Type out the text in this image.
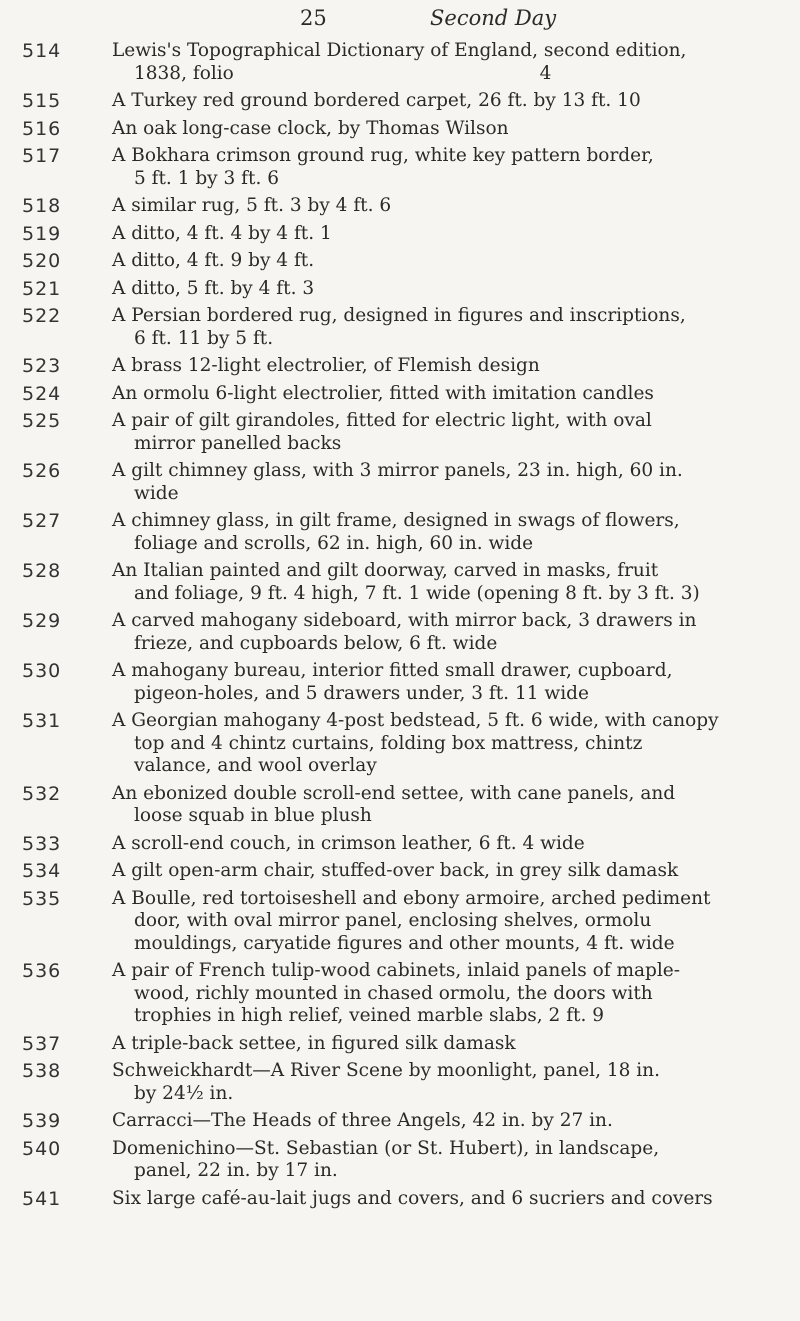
25	Second Day
514	Lewis's Topographical Dictionary of England, second edition,
1838, folio                                                    4
515	A Turkey red ground bordered carpet, 26 ft. by 13 ft. 10
516	An oak long-case clock, by Thomas Wilson
517	A Bokhara crimson ground rug, white key pattern border,
5 ft. 1 by 3 ft. 6
518	A similar rug, 5 ft. 3 by 4 ft. 6
519	A ditto, 4 ft. 4 by 4 ft. 1
520	A ditto, 4 ft. 9 by 4 ft.
521	A ditto, 5 ft. by 4 ft. 3
522	A Persian bordered rug, designed in figures and inscriptions,
6 ft. 11 by 5 ft.
523	A brass 12-light electrolier, of Flemish design
524	An ormolu 6-light electrolier, fitted with imitation candles
525	A pair of gilt girandoles, fitted for electric light, with oval
mirror panelled backs
526	A gilt chimney glass, with 3 mirror panels, 23 in. high, 60 in.
wide
527	A chimney glass, in gilt frame, designed in swags of flowers,
foliage and scrolls, 62 in. high, 60 in. wide
528	An Italian painted and gilt doorway, carved in masks, fruit
and foliage, 9 ft. 4 high, 7 ft. 1 wide (opening 8 ft. by 3 ft. 3)
529	A carved mahogany sideboard, with mirror back, 3 drawers in
frieze, and cupboards below, 6 ft. wide
530	A mahogany bureau, interior fitted small drawer, cupboard,
pigeon-holes, and 5 drawers under, 3 ft. 11 wide
531	A Georgian mahogany 4-post bedstead, 5 ft. 6 wide, with canopy
top and 4 chintz curtains, folding box mattress, chintz
valance, and wool overlay
532	An ebonized double scroll-end settee, with cane panels, and
loose squab in blue plush
533	A scroll-end couch, in crimson leather, 6 ft. 4 wide
534	A gilt open-arm chair, stuffed-over back, in grey silk damask
535	A Boulle, red tortoiseshell and ebony armoire, arched pediment
door, with oval mirror panel, enclosing shelves, ormolu
mouldings, caryatide figures and other mounts, 4 ft. wide
536	A pair of French tulip-wood cabinets, inlaid panels of maple-
wood, richly mounted in chased ormolu, the doors with
trophies in high relief, veined marble slabs, 2 ft. 9
537	A triple-back settee, in figured silk damask
538	Schweickhardt—A River Scene by moonlight, panel, 18 in.
by 24½ in.
539	Carracci—The Heads of three Angels, 42 in. by 27 in.
540	Domenichino—St. Sebastian (or St. Hubert), in landscape,
panel, 22 in. by 17 in.
541	Six large café-au-lait jugs and covers, and 6 sucriers and covers
